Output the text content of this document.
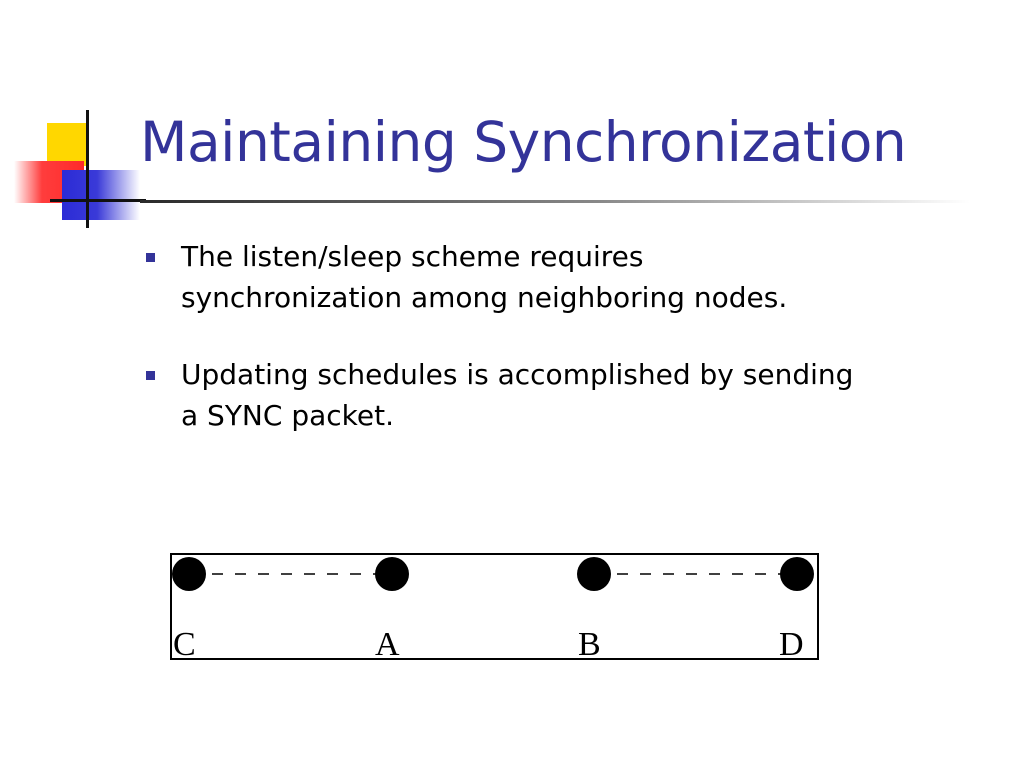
Maintaining Synchronization
The listen/sleep scheme requires synchronization among neighboring nodes.
Updating schedules is accomplished by sending a SYNC packet.
C	A	B	D
